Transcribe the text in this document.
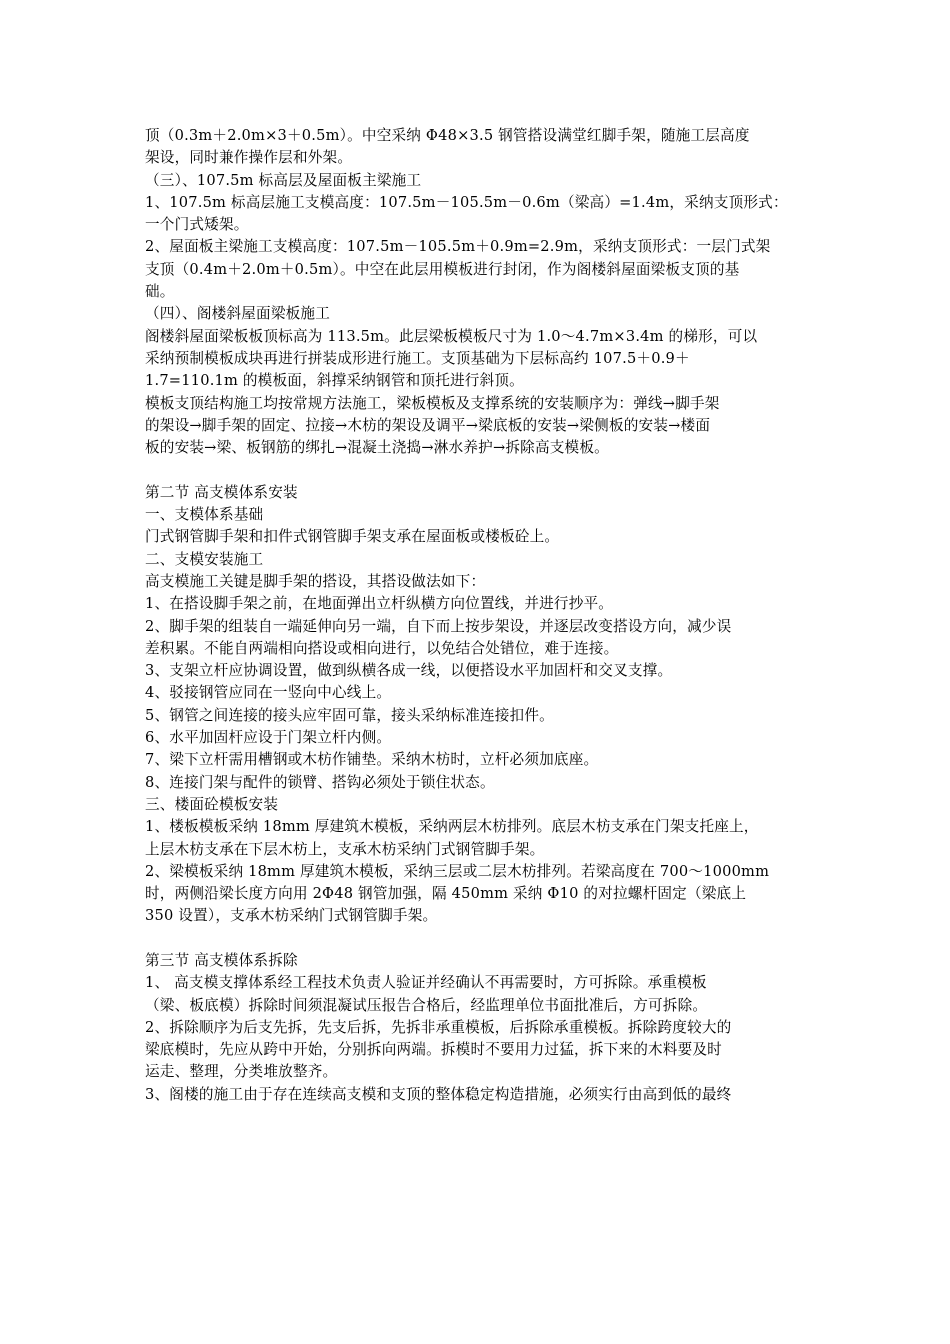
顶（0.3m＋2.0m×3＋0.5m）。中空采纳 Φ48×3.5 钢管搭设满堂红脚手架，随施工层高度
架设，同时兼作操作层和外架。
（三）、107.5m 标高层及屋面板主梁施工
1、107.5m 标高层施工支模高度：107.5m－105.5m－0.6m（梁高）=1.4m，采纳支顶形式：
一个门式矮架。
2、屋面板主梁施工支模高度：107.5m－105.5m＋0.9m=2.9m，采纳支顶形式：一层门式架
支顶（0.4m＋2.0m＋0.5m）。中空在此层用模板进行封闭，作为阁楼斜屋面梁板支顶的基
础。
（四）、阁楼斜屋面梁板施工
阁楼斜屋面梁板板顶标高为 113.5m。此层梁板模板尺寸为 1.0～4.7m×3.4m 的梯形，可以
采纳预制模板成块再进行拼装成形进行施工。支顶基础为下层标高约 107.5＋0.9＋
1.7=110.1m 的模板面，斜撑采纳钢管和顶托进行斜顶。
模板支顶结构施工均按常规方法施工，梁板模板及支撑系统的安装顺序为：弹线→脚手架
的架设→脚手架的固定、拉接→木枋的架设及调平→梁底板的安装→梁侧板的安装→楼面
板的安装→梁、板钢筋的绑扎→混凝土浇捣→淋水养护→拆除高支模板。
第二节 高支模体系安装
一、支模体系基础
门式钢管脚手架和扣件式钢管脚手架支承在屋面板或楼板砼上。
二、支模安装施工
高支模施工关键是脚手架的搭设，其搭设做法如下：
1、在搭设脚手架之前，在地面弹出立杆纵横方向位置线，并进行抄平。
2、脚手架的组装自一端延伸向另一端，自下而上按步架设，并逐层改变搭设方向，减少误
差积累。不能自两端相向搭设或相向进行，以免结合处错位，难于连接。
3、支架立杆应协调设置，做到纵横各成一线，以便搭设水平加固杆和交叉支撑。
4、驳接钢管应同在一竖向中心线上。
5、钢管之间连接的接头应牢固可靠，接头采纳标准连接扣件。
6、水平加固杆应设于门架立杆内侧。
7、梁下立杆需用槽钢或木枋作铺垫。采纳木枋时，立杆必须加底座。
8、连接门架与配件的锁臂、搭钩必须处于锁住状态。
三、楼面砼模板安装
1、楼板模板采纳 18mm 厚建筑木模板，采纳两层木枋排列。底层木枋支承在门架支托座上，
上层木枋支承在下层木枋上，支承木枋采纳门式钢管脚手架。
2、梁模板采纳 18mm 厚建筑木模板，采纳三层或二层木枋排列。若梁高度在 700～1000mm
时，两侧沿梁长度方向用 2Φ48 钢管加强，隔 450mm 采纳 Φ10 的对拉螺杆固定（梁底上
350 设置），支承木枋采纳门式钢管脚手架。
第三节 高支模体系拆除
1、 高支模支撑体系经工程技术负责人验证并经确认不再需要时，方可拆除。承重模板
（梁、板底模）拆除时间须混凝试压报告合格后，经监理单位书面批准后，方可拆除。
2、拆除顺序为后支先拆，先支后拆，先拆非承重模板，后拆除承重模板。拆除跨度较大的
梁底模时，先应从跨中开始，分别拆向两端。拆模时不要用力过猛，拆下来的木料要及时
运走、整理，分类堆放整齐。
3、阁楼的施工由于存在连续高支模和支顶的整体稳定构造措施，必须实行由高到低的最终
